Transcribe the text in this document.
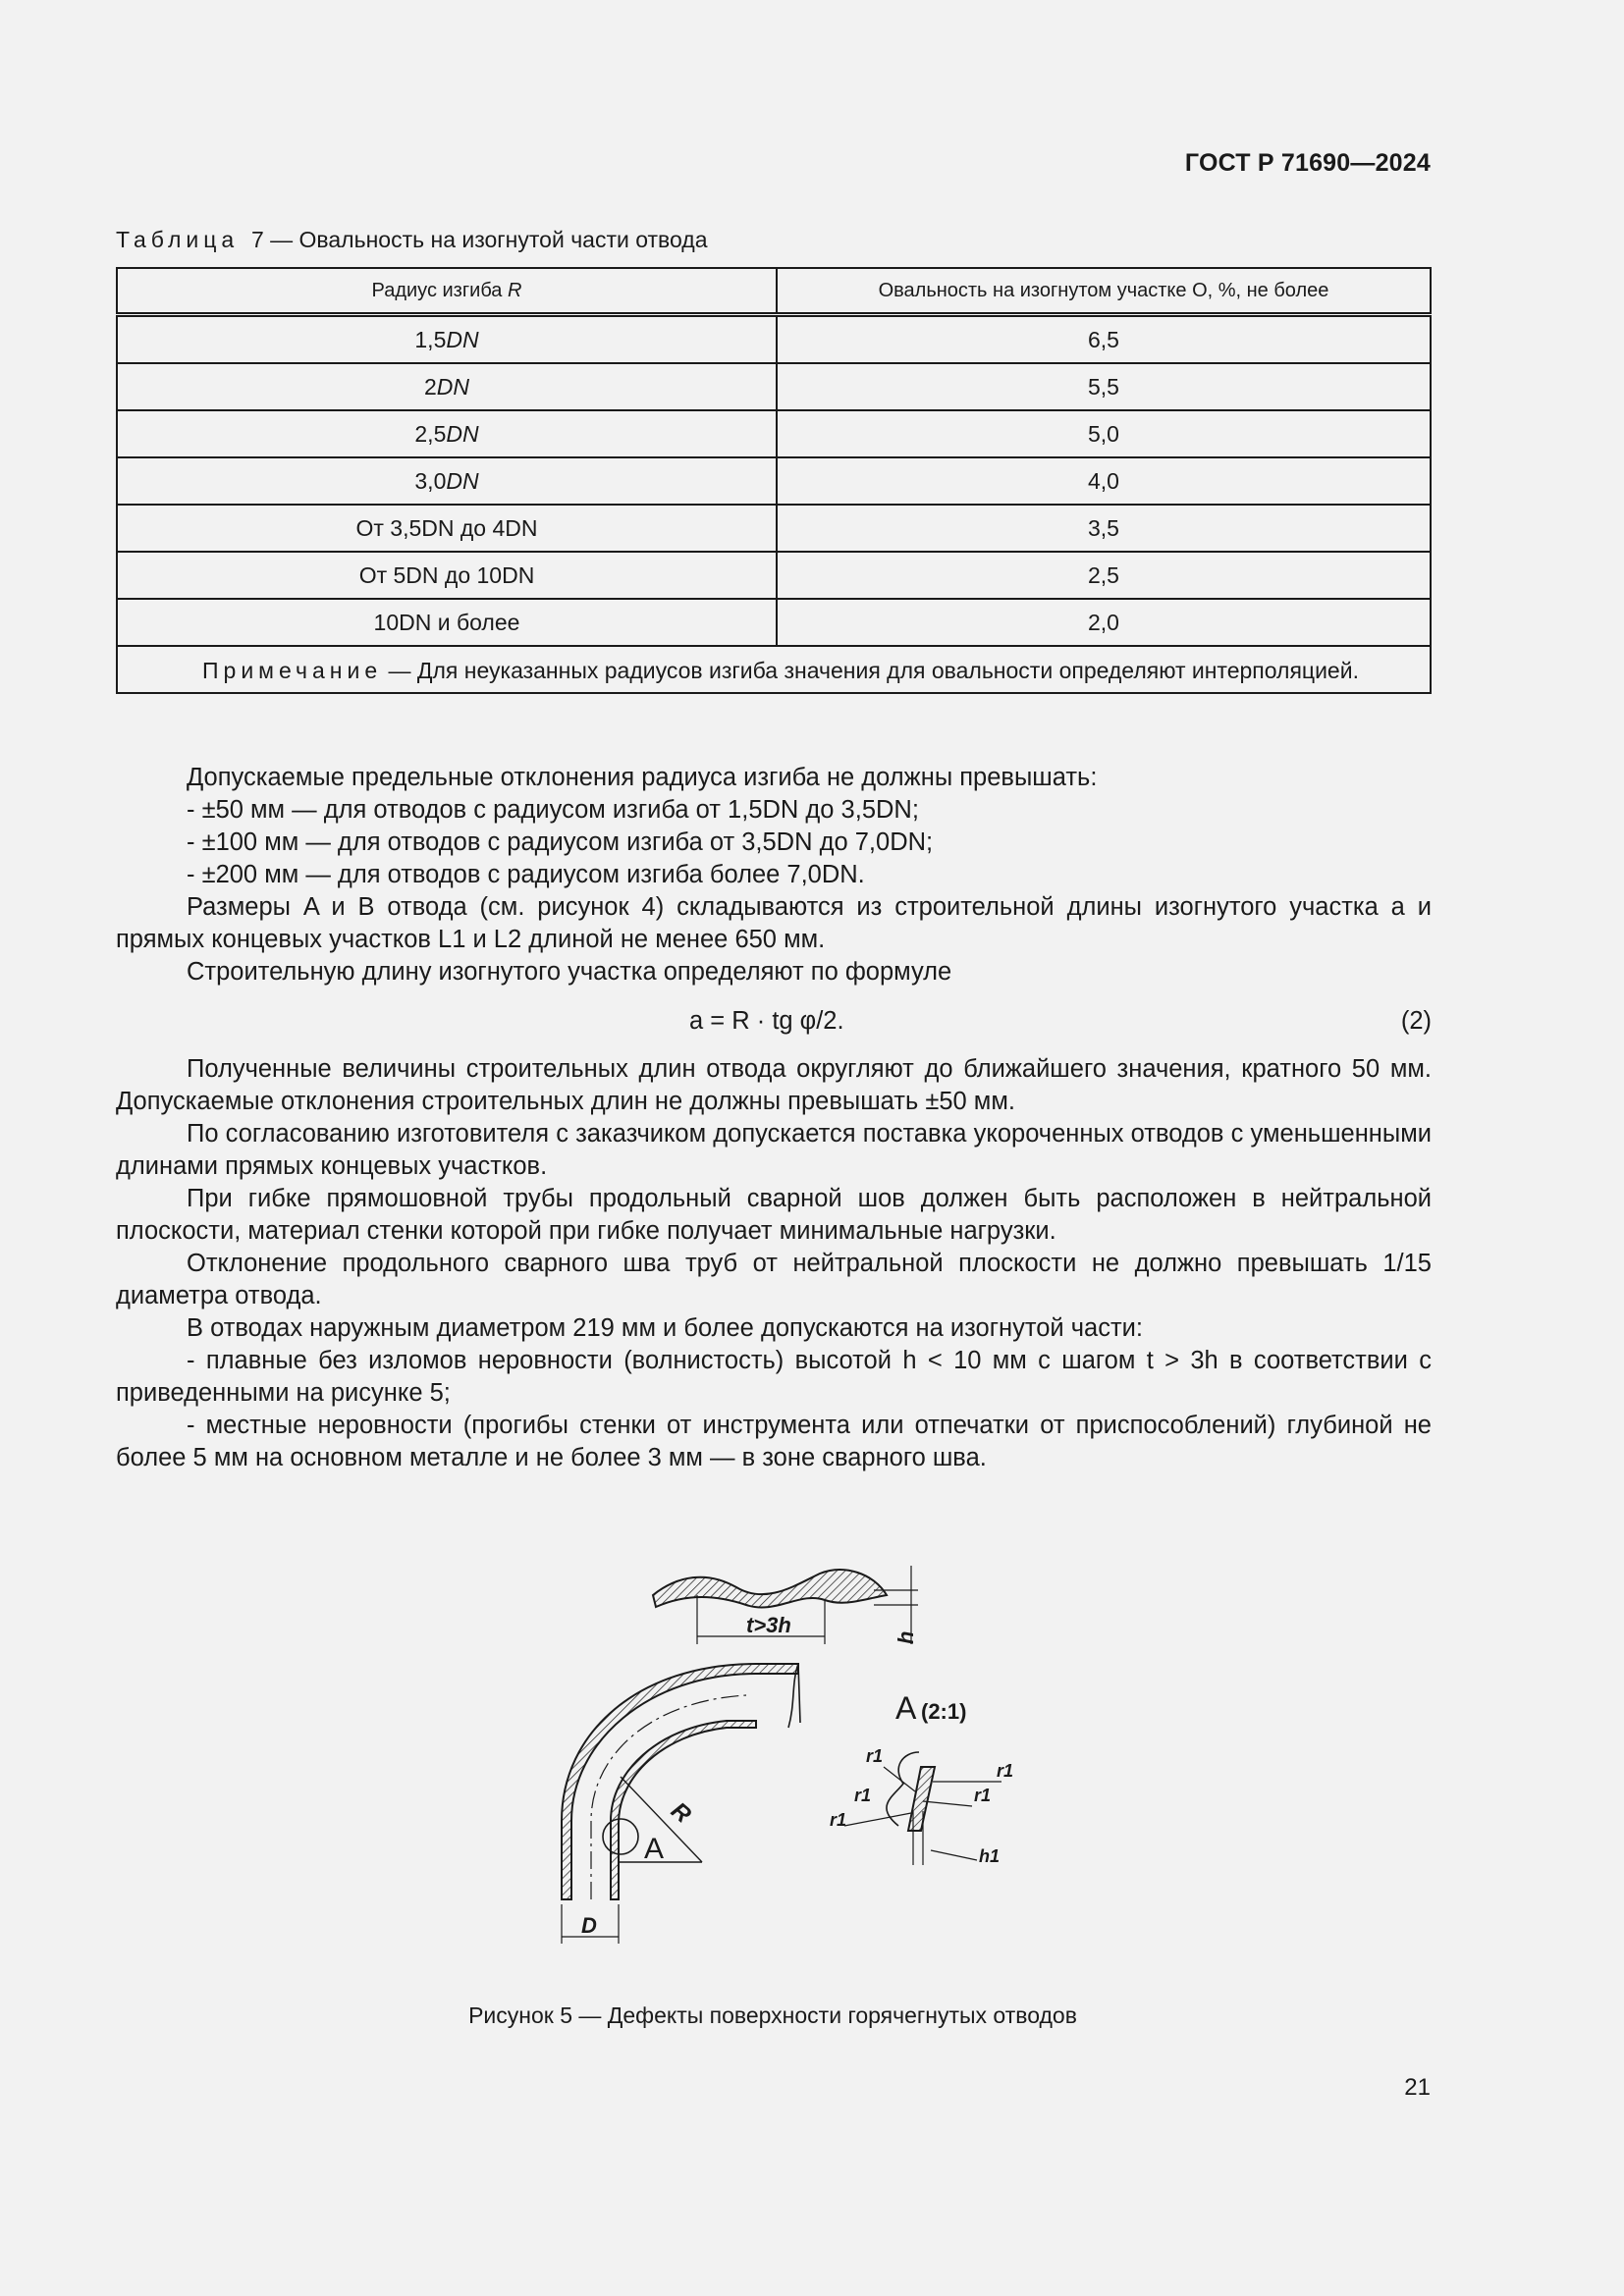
ГОСТ Р 71690—2024
Таблица 7 — Овальность на изогнутой части отвода
Радиус изгиба R	Овальность на изогнутом участке О, %, не более
1,5DN	6,5
2DN	5,5
2,5DN	5,0
3,0DN	4,0
От 3,5DN до 4DN	3,5
От 5DN до 10DN	2,5
10DN и более	2,0
Примечание — Для неуказанных радиусов изгиба значения для овальности определяют интерполяцией.	

Допускаемые предельные отклонения радиуса изгиба не должны превышать:

- ±50 мм — для отводов с радиусом изгиба от 1,5DN до 3,5DN;

- ±100 мм — для отводов с радиусом изгиба от 3,5DN до 7,0DN;

- ±200 мм — для отводов с радиусом изгиба более 7,0DN.

Размеры A и B отвода (см. рисунок 4) складываются из строительной длины изогнутого участка a и прямых концевых участков L1 и L2 длиной не менее 650 мм.

Строительную длину изогнутого участка определяют по формуле

a = R · tg φ/2.	(2)

Полученные величины строительных длин отвода округляют до ближайшего значения, кратного 50 мм. Допускаемые отклонения строительных длин не должны превышать ±50 мм.

По согласованию изготовителя с заказчиком допускается поставка укороченных отводов с уменьшенными длинами прямых концевых участков.

При гибке прямошовной трубы продольный сварной шов должен быть расположен в нейтральной плоскости, материал стенки которой при гибке получает минимальные нагрузки.

Отклонение продольного сварного шва труб от нейтральной плоскости не должно превышать 1/15 диаметра отвода.

В отводах наружным диаметром 219 мм и более допускаются на изогнутой части:

- плавные без изломов неровности (волнистость) высотой h < 10 мм с шагом t > 3h в соответствии с приведенными на рисунке 5;

- местные неровности (прогибы стенки от инструмента или отпечатки от приспособлений) глубиной не более 5 мм на основном металле и не более 3 мм — в зоне сварного шва.

t>3h
h
R
A
D
A (2:1)
r1
r1
r1	r1
r1
h1
Рисунок 5 — Дефекты поверхности горячегнутых отводов
21
